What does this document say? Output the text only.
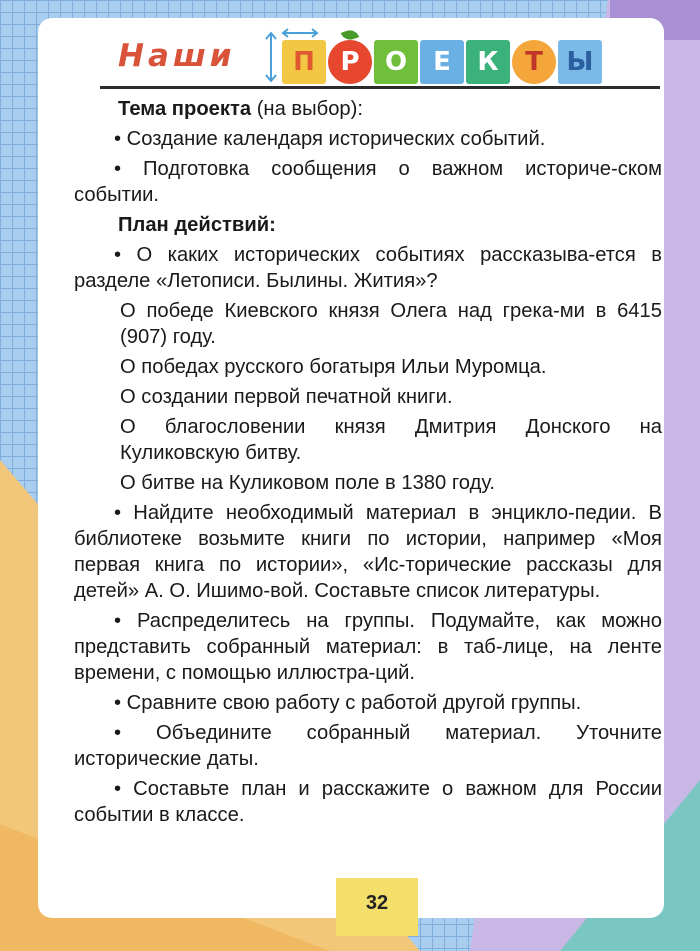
Наши	П Р О	Е	К	Т Ы

Тема проекта (на выбор):

• Создание календаря исторических событий.

• Подготовка сообщения о важном историче-ском событии.

План действий:

• О каких исторических событиях рассказыва-ется в разделе «Летописи. Былины. Жития»?

О победе Киевского князя Олега над грека-ми в 6415 (907) году.

О победах русского богатыря Ильи Муромца.

О создании первой печатной книги.

О благословении князя Дмитрия Донского на Куликовскую битву.

О битве на Куликовом поле в 1380 году.

• Найдите необходимый материал в энцикло-педии. В библиотеке возьмите книги по истории, например «Моя первая книга по истории», «Ис-торические рассказы для детей» А. О. Ишимо-вой. Составьте список литературы.

• Распределитесь на группы. Подумайте, как можно представить собранный материал: в таб-лице, на ленте времени, с помощью иллюстра-ций.

• Сравните свою работу с работой другой группы.

• Объедините собранный материал. Уточните исторические даты.

• Составьте план и расскажите о важном для России событии в классе.

32
